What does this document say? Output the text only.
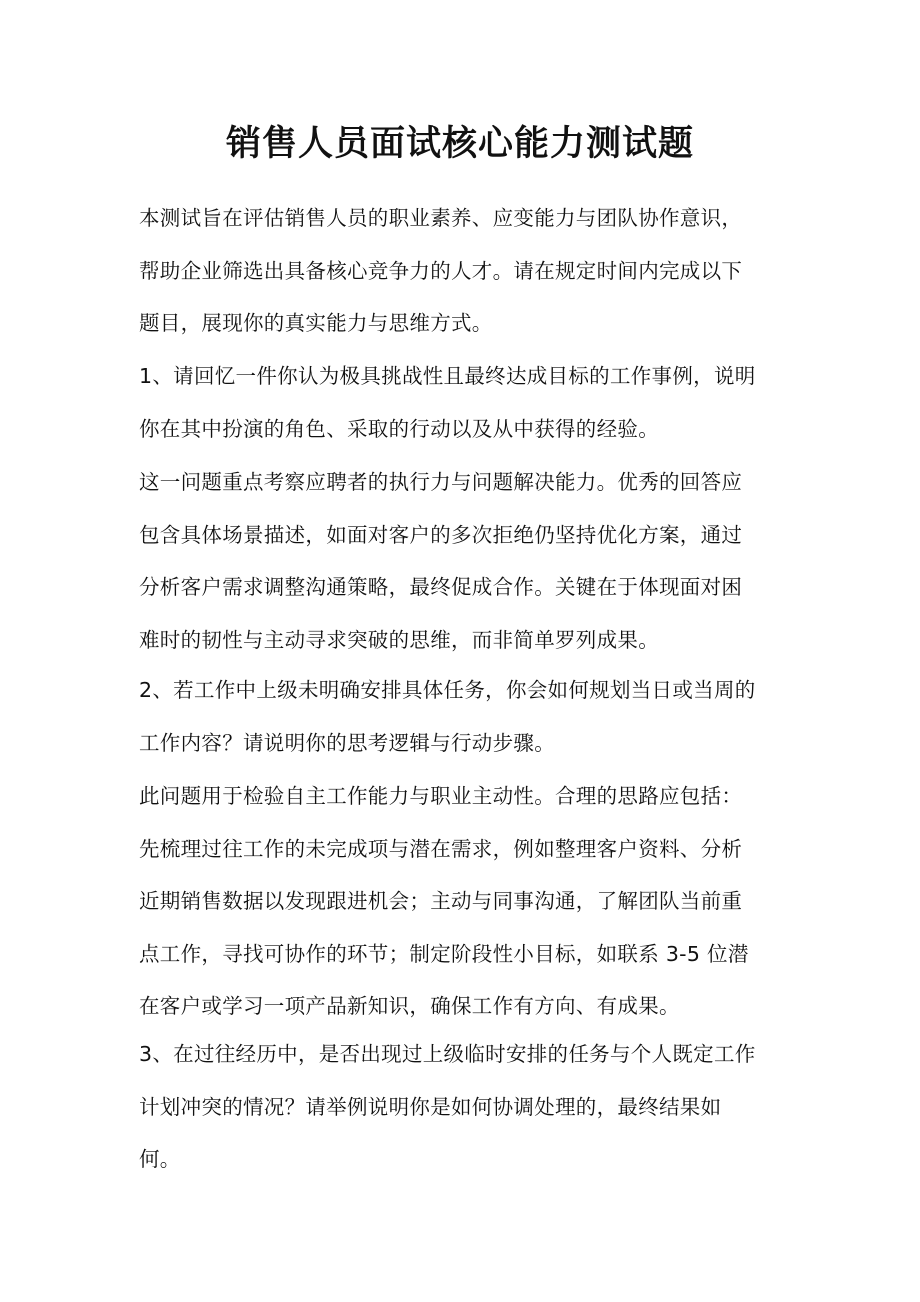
销售人员面试核心能力测试题

本测试旨在评估销售人员的职业素养、应变能力与团队协作意识，
帮助企业筛选出具备核心竞争力的人才。请在规定时间内完成以下
题目，展现你的真实能力与思维方式。

1、请回忆一件你认为极具挑战性且最终达成目标的工作事例，说明
你在其中扮演的角色、采取的行动以及从中获得的经验。

这一问题重点考察应聘者的执行力与问题解决能力。优秀的回答应
包含具体场景描述，如面对客户的多次拒绝仍坚持优化方案，通过
分析客户需求调整沟通策略，最终促成合作。关键在于体现面对困
难时的韧性与主动寻求突破的思维，而非简单罗列成果。

2、若工作中上级未明确安排具体任务，你会如何规划当日或当周的
工作内容？请说明你的思考逻辑与行动步骤。

此问题用于检验自主工作能力与职业主动性。合理的思路应包括：
先梳理过往工作的未完成项与潜在需求，例如整理客户资料、分析
近期销售数据以发现跟进机会；主动与同事沟通，了解团队当前重
点工作，寻找可协作的环节；制定阶段性小目标，如联系 3-5 位潜
在客户或学习一项产品新知识，确保工作有方向、有成果。

3、在过往经历中，是否出现过上级临时安排的任务与个人既定工作
计划冲突的情况？请举例说明你是如何协调处理的，最终结果如
何。
